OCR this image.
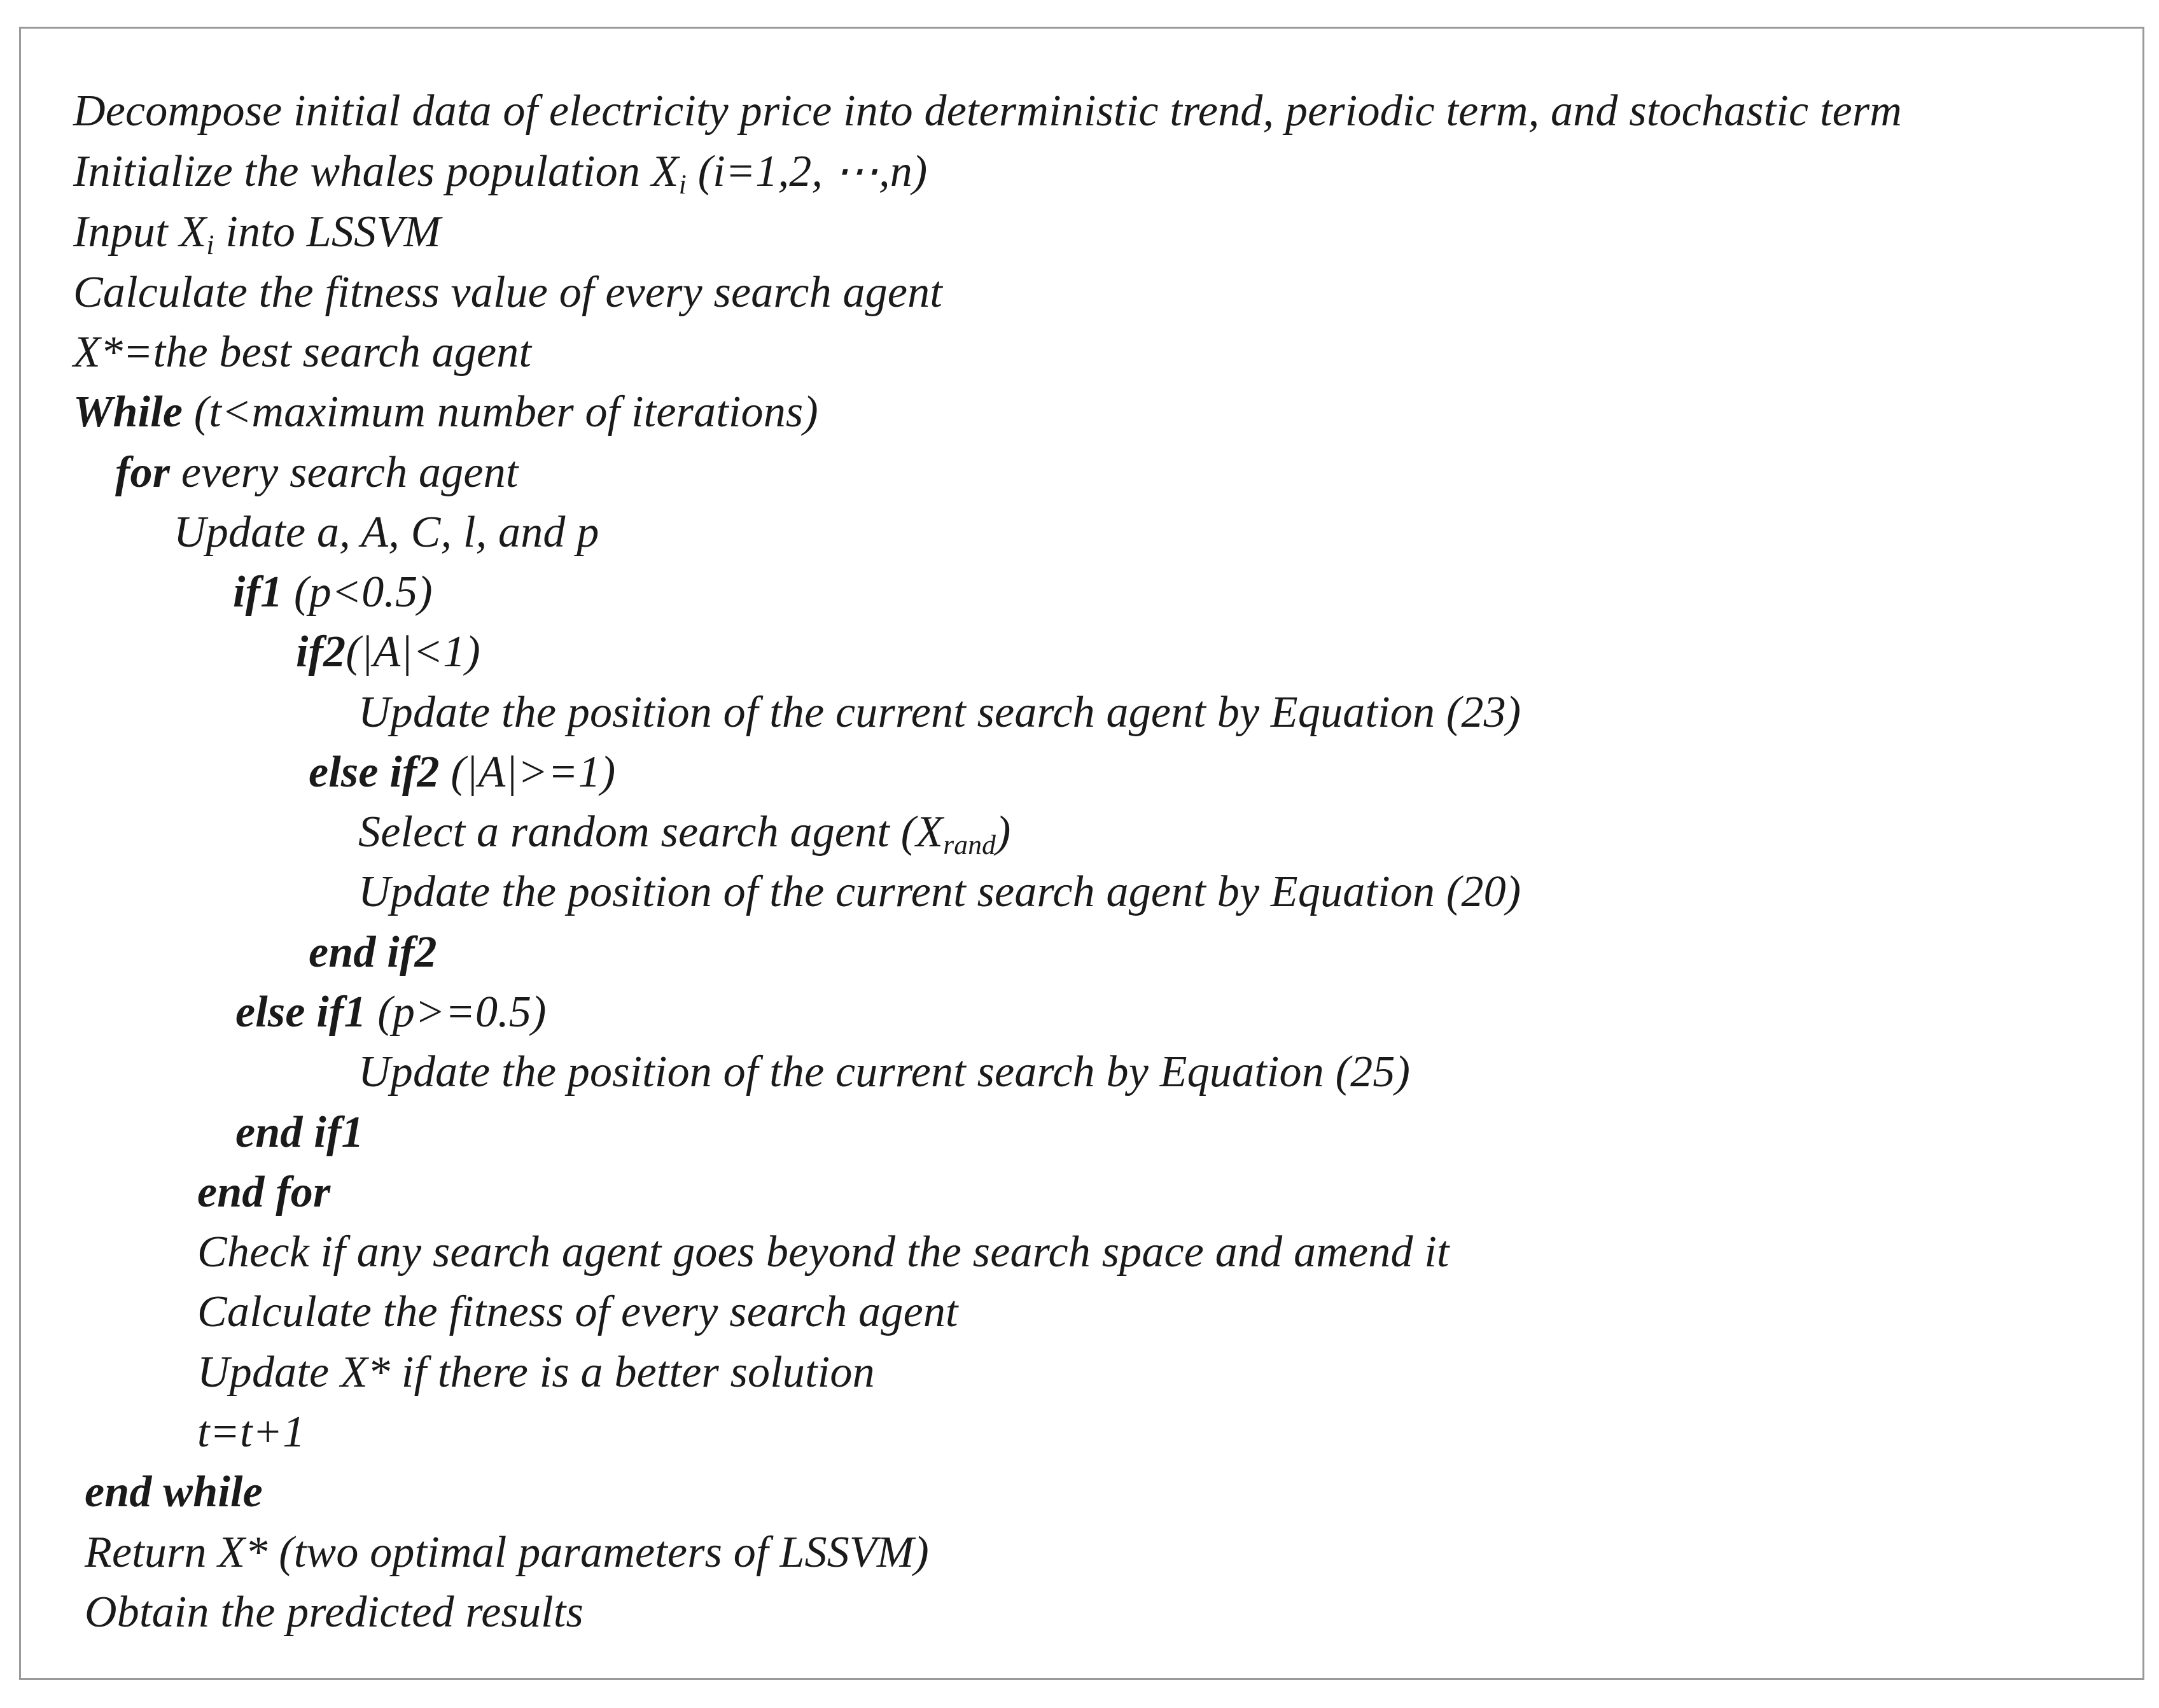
Decompose initial data of electricity price into deterministic trend, periodic term, and stochastic term
Initialize the whales population $X_i$ (i=1,2, ⋯,n)
Input $X_i$ into LSSVM
Calculate the fitness value of every search agent
X*=the best search agent
While (t<maximum number of iterations)
for every search agent
Update a, A, C, l, and p
if1 (p<0.5)
if2(|A|<1)
Update the position of the current search agent by Equation (23)
else if2 (|A|>=1)
Select a random search agent $(X_{rand})$
Update the position of the current search agent by Equation (20)
end if2
else if1 (p>=0.5)
Update the position of the current search by Equation (25)
end if1
end for
Check if any search agent goes beyond the search space and amend it
Calculate the fitness of every search agent
Update X* if there is a better solution
t=t+1
end while
Return X* (two optimal parameters of LSSVM)
Obtain the predicted results
